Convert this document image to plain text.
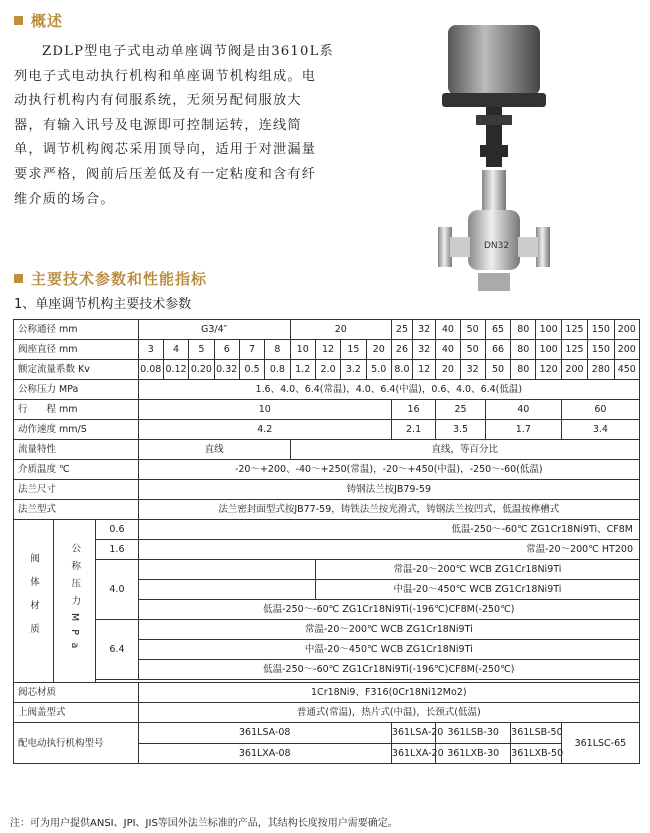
概述

ZDLP型电子式电动单座调节阀是由3610L系

列电子式电动执行机构和单座调节机构组成。电

动执行机构内有伺服系统，无须另配伺服放大

器，有输入讯号及电源即可控制运转，连线简

单，调节机构阀芯采用顶导向，适用于对泄漏量

要求严格，阀前后压差低及有一定粘度和含有纤

维介质的场合。

DN32
主要技术参数和性能指标
1、单座调节机构主要技术参数
公称通径 mm			G3/4″						20				25	32	40	50	65	80	100	125	150	200
阀座直径 mm			3	4	5	6	7	8	10	12	15	20	26	32	40	50	66	80	100	125	150	200
额定流量系数 Kv			0.08	0.12	0.20	0.32	0.5	0.8	1.2	2.0	3.2	5.0	8.0	12	20	32	50	80	120	200	280	450
公称压力 MPa			1.6、4.0、6.4(常温)，4.0、6.4(中温)，0.6、4.0、6.4(低温)																			
行　　程 mm			10										16		25		40			60		
动作速度 mm/S			4.2										2.1		3.5		1.7			3.4		
流量特性			直线						直线，等百分比													
介质温度 ℃			-20～+200、-40～+250(常温)，-20～+450(中温)，-250～-60(低温)																			
法兰尺寸			铸钢法兰按JB79-59																			
法兰型式			法兰密封面型式按JB77-59，铸铁法兰按光滑式，铸钢法兰按凹式，低温按榫槽式																			
阀体材质	公称压力MPa	0.6	低温-250～-60℃ ZG1Cr18Ni9Ti、CF8M																			
		1.6	常温-20～200℃ HT200																			
		4.0								常温-20～200℃ WCB ZG1Cr18Ni9Ti												
										中温-20～450℃ WCB ZG1Cr18Ni9Ti												
			低温-250～-60℃ ZG1Cr18Ni9Ti(-196℃)CF8M(-250℃)																			
		6.4	常温-20～200℃ WCB ZG1Cr18Ni9Ti																			
			中温-20～450℃ WCB ZG1Cr18Ni9Ti																			
			低温-250～-60℃ ZG1Cr18Ni9Ti(-196℃)CF8M(-250℃)																			

阀芯材质			1Cr18Ni9、F316(0Cr18Ni12Mo2)																			
上阀盖型式			普通式(常温)，热片式(中温)，长颈式(低温)																			
配电动执行机构型号			361LSA-08										361LSA-20		361LSB-30			361LSB-50		361LSC-65		
			361LXA-08										361LXA-20		361LXB-30			361LXB-50				
注：可为用户提供ANSI、JPI、JIS等国外法兰标准的产品，其结构长度按用户需要确定。
